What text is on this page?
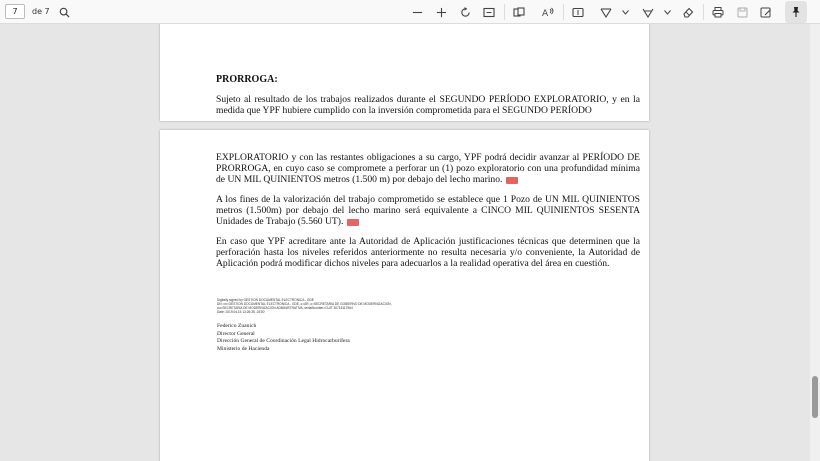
7
de 7	A
PRORROGA:
Sujeto al resultado de los trabajos realizados durante el SEGUNDO PERÍODO EXPLORATORIO, y en la medida que YPF hubiere cumplido con la inversión comprometida para el SEGUNDO PERÍODO
EXPLORATORIO y con las restantes obligaciones a su cargo, YPF podrá decidir avanzar al PERÍODO DE PRORROGA, en cuyo caso se compromete a perforar un (1) pozo exploratorio con una profundidad mínima de UN MIL QUINIENTOS metros (1.500 m) por debajo del lecho marino.
A los fines de la valorización del trabajo comprometido se establece que 1 Pozo de UN MIL QUINIENTOS metros (1.500m) por debajo del lecho marino será equivalente a CINCO MIL QUINIENTOS SESENTA Unidades de Trabajo (5.560 UT).
En caso que YPF acreditare ante la Autoridad de Aplicación justificaciones técnicas que determinen que la perforación hasta los niveles referidos anteriormente no resulta necesaria y/o conveniente, la Autoridad de Aplicación podrá modificar dichos niveles para adecuarlos a la realidad operativa del área en cuestión.
Digitally signed by GESTION DOCUMENTAL ELECTRONICA - GDE
DN: cn=GESTION DOCUMENTAL ELECTRONICA - GDE, c=AR, o=SECRETARIA DE GOBIERNO DE MODERNIZACION,
ou=SECRETARIA DE MODERNIZACION ADMINISTRATIVA, serialNumber=CUIT 30715117564
Date: 2019.04.15 13:26:35 -03'00'
Federico Zuanich
Director General
Dirección General de Coordinación Legal Hidrocarburífera
Ministerio de Hacienda
